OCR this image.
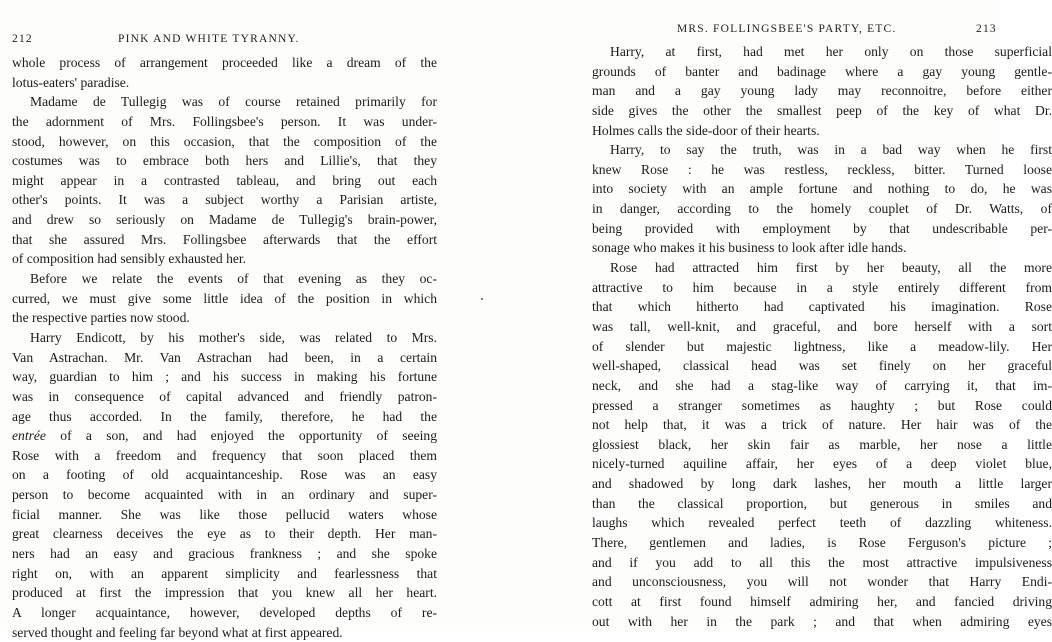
212	PINK AND WHITE TYRANNY.
whole process of arrangement proceeded like a dream of the
lotus-eaters' paradise.
Madame de Tullegig was of course retained primarily for
the adornment of Mrs. Follingsbee's person. It was under-
stood, however, on this occasion, that the composition of the
costumes was to embrace both hers and Lillie's, that they
might appear in a contrasted tableau, and bring out each
other's points. It was a subject worthy a Parisian artiste,
and drew so seriously on Madame de Tullegig's brain-power,
that she assured Mrs. Follingsbee afterwards that the effort
of composition had sensibly exhausted her.
Before we relate the events of that evening as they oc-
curred, we must give some little idea of the position in which
the respective parties now stood.
Harry Endicott, by his mother's side, was related to Mrs.
Van Astrachan. Mr. Van Astrachan had been, in a certain
way, guardian to him ; and his success in making his fortune
was in consequence of capital advanced and friendly patron-
age thus accorded. In the family, therefore, he had the
entrée of a son, and had enjoyed the opportunity of seeing
Rose with a freedom and frequency that soon placed them
on a footing of old acquaintanceship. Rose was an easy
person to become acquainted with in an ordinary and super-
ficial manner. She was like those pellucid waters whose
great clearness deceives the eye as to their depth. Her man-
ners had an easy and gracious frankness ; and she spoke
right on, with an apparent simplicity and fearlessness that
produced at first the impression that you knew all her heart.
A longer acquaintance, however, developed depths of re-
served thought and feeling far beyond what at first appeared.
MRS. FOLLINGSBEE'S PARTY, ETC.	213
Harry, at first, had met her only on those superficial
grounds of banter and badinage where a gay young gentle-
man and a gay young lady may reconnoitre, before either
side gives the other the smallest peep of the key of what Dr.
Holmes calls the side-door of their hearts.
Harry, to say the truth, was in a bad way when he first
knew Rose : he was restless, reckless, bitter. Turned loose
into society with an ample fortune and nothing to do, he was
in danger, according to the homely couplet of Dr. Watts, of
being provided with employment by that undescribable per-
sonage who makes it his business to look after idle hands.
Rose had attracted him first by her beauty, all the more
attractive to him because in a style entirely different from
that which hitherto had captivated his imagination. Rose
was tall, well-knit, and graceful, and bore herself with a sort
of slender but majestic lightness, like a meadow-lily. Her
well-shaped, classical head was set finely on her graceful
neck, and she had a stag-like way of carrying it, that im-
pressed a stranger sometimes as haughty ; but Rose could
not help that, it was a trick of nature. Her hair was of the
glossiest black, her skin fair as marble, her nose a little
nicely-turned aquiline affair, her eyes of a deep violet blue,
and shadowed by long dark lashes, her mouth a little larger
than the classical proportion, but generous in smiles and
laughs which revealed perfect teeth of dazzling whiteness.
There, gentlemen and ladies, is Rose Ferguson's picture ;
and if you add to all this the most attractive impulsiveness
and unconsciousness, you will not wonder that Harry Endi-
cott at first found himself admiring her, and fancied driving
out with her in the park ; and that when admiring eyes
